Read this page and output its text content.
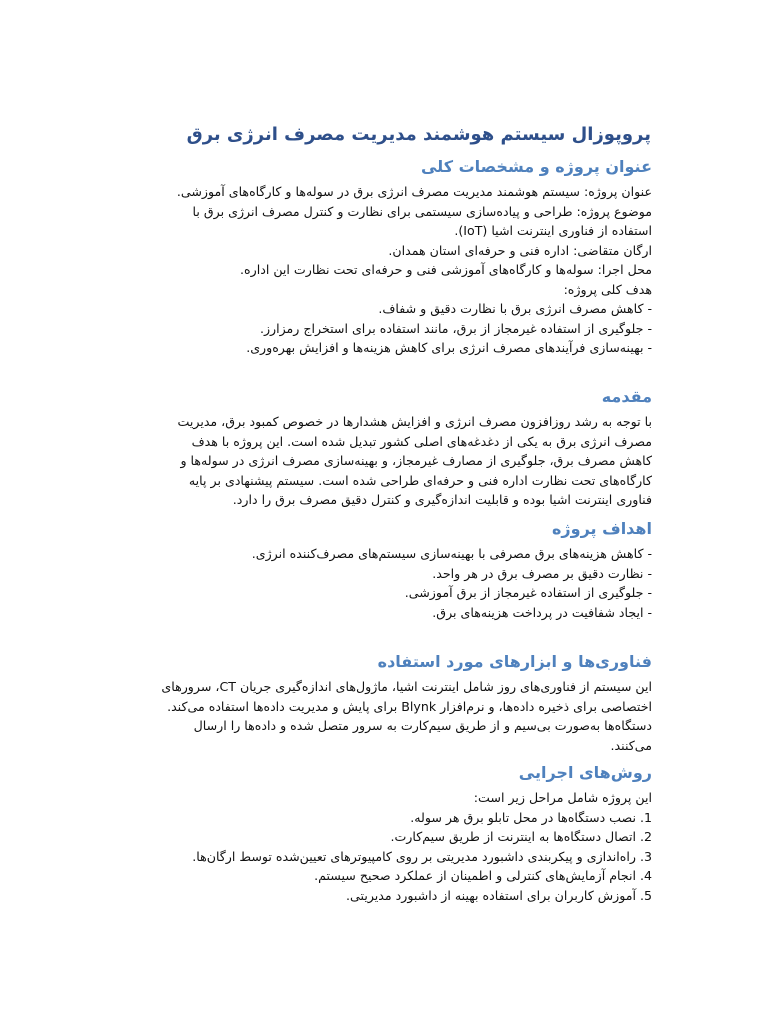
پروپوزال سیستم هوشمند مدیریت مصرف انرژی برق
عنوان پروژه و مشخصات کلی
عنوان پروژه: سیستم هوشمند مدیریت مصرف انرژی برق در سوله‌ها و کارگاه‌های آموزشی.
موضوع پروژه: طراحی و پیاده‌سازی سیستمی برای نظارت و کنترل مصرف انرژی برق با
استفاده از فناوری اینترنت اشیا (IoT).
ارگان متقاضی: اداره فنی و حرفه‌ای استان همدان.
محل اجرا: سوله‌ها و کارگاه‌های آموزشی فنی و حرفه‌ای تحت نظارت این اداره.
هدف کلی پروژه:
- کاهش مصرف انرژی برق با نظارت دقیق و شفاف.
- جلوگیری از استفاده غیرمجاز از برق، مانند استفاده برای استخراج رمزارز.
- بهینه‌سازی فرآیندهای مصرف انرژی برای کاهش هزینه‌ها و افزایش بهره‌وری.
مقدمه
با توجه به رشد روزافزون مصرف انرژی و افزایش هشدارها در خصوص کمبود برق، مدیریت
مصرف انرژی برق به یکی از دغدغه‌های اصلی کشور تبدیل شده است. این پروژه با هدف
کاهش مصرف برق، جلوگیری از مصارف غیرمجاز، و بهینه‌سازی مصرف انرژی در سوله‌ها و
کارگاه‌های تحت نظارت اداره فنی و حرفه‌ای طراحی شده است. سیستم پیشنهادی بر پایه
فناوری اینترنت اشیا بوده و قابلیت اندازه‌گیری و کنترل دقیق مصرف برق را دارد.
اهداف پروژه
- کاهش هزینه‌های برق مصرفی با بهینه‌سازی سیستم‌های مصرف‌کننده انرژی.
- نظارت دقیق بر مصرف برق در هر واحد.
- جلوگیری از استفاده غیرمجاز از برق آموزشی.
- ایجاد شفافیت در پرداخت هزینه‌های برق.
فناوری‌ها و ابزارهای مورد استفاده
این سیستم از فناوری‌های روز شامل اینترنت اشیا، ماژول‌های اندازه‌گیری جریان CT، سرورهای
اختصاصی برای ذخیره داده‌ها، و نرم‌افزار Blynk برای پایش و مدیریت داده‌ها استفاده می‌کند.
دستگاه‌ها به‌صورت بی‌سیم و از طریق سیم‌کارت به سرور متصل شده و داده‌ها را ارسال
می‌کنند.
روش‌های اجرایی
این پروژه شامل مراحل زیر است:
1. نصب دستگاه‌ها در محل تابلو برق هر سوله.
2. اتصال دستگاه‌ها به اینترنت از طریق سیم‌کارت.
3. راه‌اندازی و پیکربندی داشبورد مدیریتی بر روی کامپیوترهای تعیین‌شده توسط ارگان‌ها.
4. انجام آزمایش‌های کنترلی و اطمینان از عملکرد صحیح سیستم.
5. آموزش کاربران برای استفاده بهینه از داشبورد مدیریتی.
